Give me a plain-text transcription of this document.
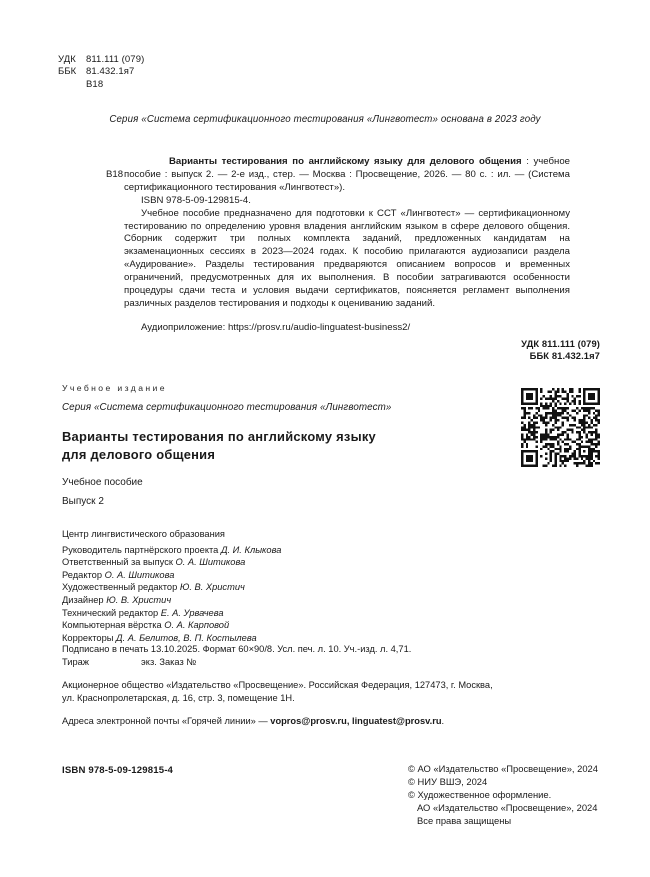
УДК	811.111 (079)
ББК	81.432.1я7
В18
Серия «Система сертификационного тестирования «Лингвотест» основана в 2023 году
В18

Варианты тестирования по английскому языку для делового общения : учебное пособие : выпуск 2. — 2-е изд., стер. — Москва : Просвещение, 2026. — 80 с. : ил. — (Система сертификационного тестирования «Лингвотест»).

ISBN 978-5-09-129815-4.

Учебное пособие предназначено для подготовки к ССТ «Лингвотест» — сертификационному тестированию по определению уровня владения английским языком в сфере делового общения. Сборник содержит три полных комплекта заданий, предложенных кандидатам на экзаменационных сессиях в 2023—2024 годах. К пособию прилагаются аудиозаписи раздела «Аудирование». Разделы тестирования предваряются описанием вопросов и временных ограничений, предусмотренных для их выполнения. В пособии затрагиваются особенности процедуры сдачи теста и условия выдачи сертификатов, поясняется регламент выполнения различных разделов тестирования и подходы к оцениванию заданий.

Аудиоприложение: https://prosv.ru/audio-linguatest-business2/

УДК 811.111 (079)
ББК 81.432.1я7
Учебное издание
Серия «Система сертификационного тестирования «Лингвотест»
Варианты тестирования по английскому языку
для делового общения
Учебное пособие
Выпуск 2
Центр лингвистического образования
Руководитель партнёрского проекта Д. И. Клыкова
Ответственный за выпуск О. А. Шитикова
Редактор О. А. Шитикова
Художественный редактор Ю. В. Христич
Дизайнер Ю. В. Христич
Технический редактор Е. А. Урвачева
Компьютерная вёрстка О. А. Карповой
Корректоры Д. А. Белитов, В. П. Костылева
Подписано в печать 13.10.2025. Формат 60×90/8. Усл. печ. л. 10. Уч.-изд. л. 4,71.
Тираж	экз. Заказ №
Акционерное общество «Издательство «Просвещение». Российская Федерация, 127473, г. Москва,
ул. Краснопролетарская, д. 16, стр. 3, помещение 1Н.
Адреса электронной почты «Горячей линии» — vopros@prosv.ru, linguatest@prosv.ru.
ISBN 978-5-09-129815-4	© АО «Издательство «Просвещение», 2024
© НИУ ВШЭ, 2024
© Художественное оформление.
АО «Издательство «Просвещение», 2024
Все права защищены
